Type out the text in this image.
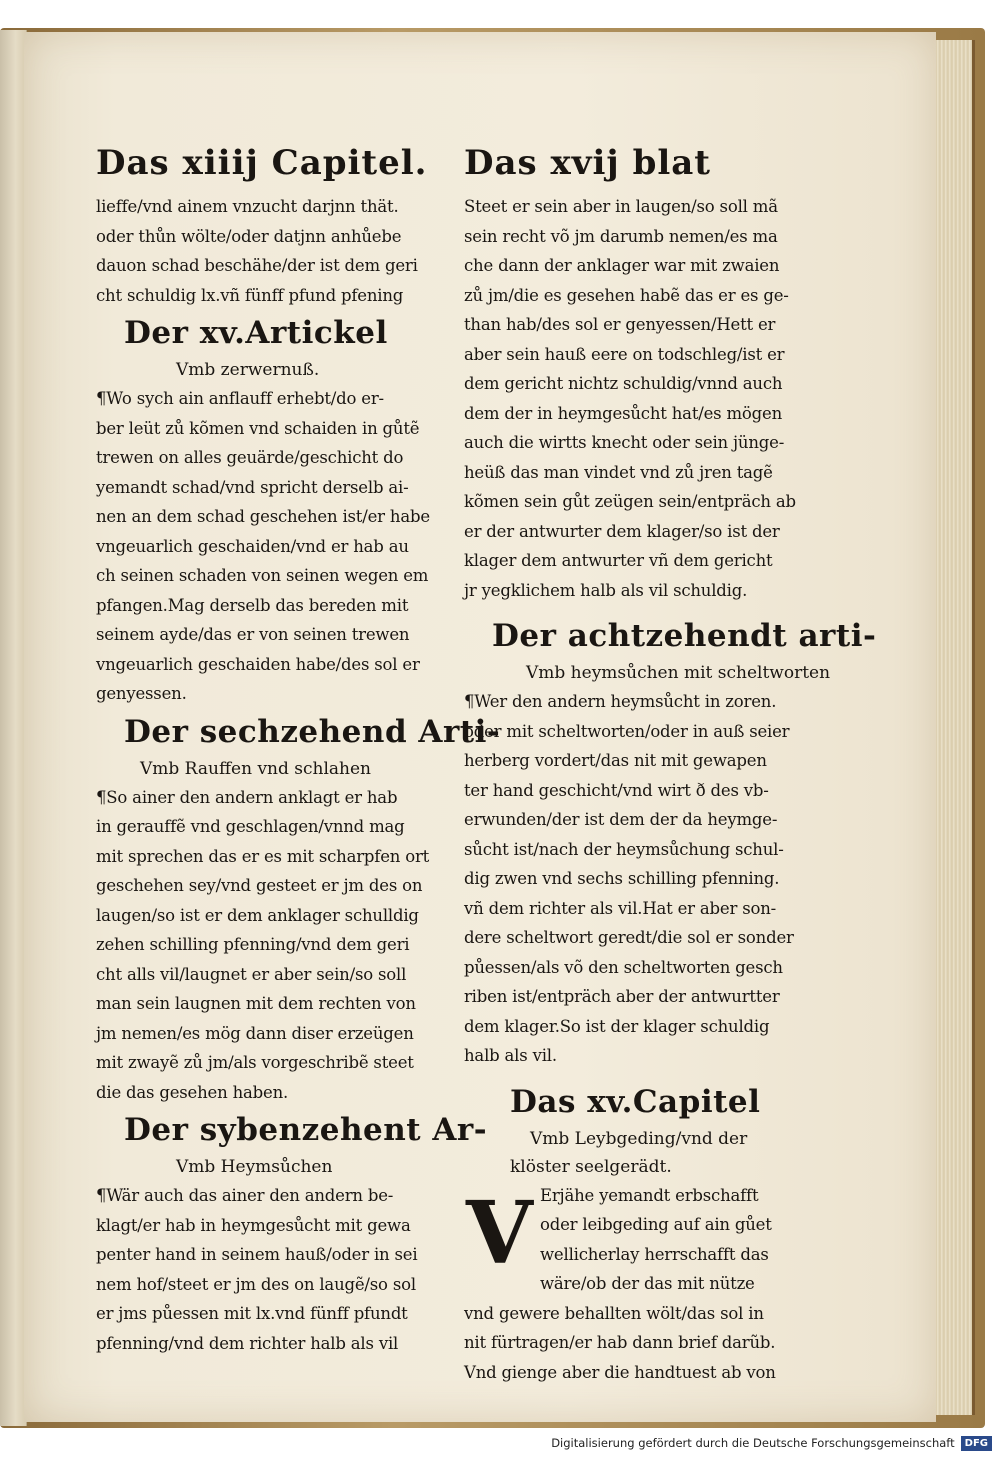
Das xiiij Capitel.
lieffe/vnd ainem vnzucht darjnn thät.
oder thůn wölte/oder datjnn anhůebe
dauon schad beschähe/der ist dem geri
cht schuldig lx.vñ fünff pfund pfening
Der xv.Artickel
Vmb zerwernuß.
¶Wo sych ain anflauff erhebt/do er-
ber leüt zů kõmen vnd schaiden in gůtẽ
trewen on alles geuärde/geschicht do
yemandt schad/vnd spricht derselb ai-
nen an dem schad geschehen ist/er habe
vngeuarlich geschaiden/vnd er hab au
ch seinen schaden von seinen wegen em
pfangen.Mag derselb das bereden mit
seinem ayde/das er von seinen trewen
vngeuarlich geschaiden habe/des sol er
genyessen.
Der sechzehend Arti-
Vmb Rauffen vnd schlahen
¶So ainer den andern anklagt er hab
in gerauffẽ vnd geschlagen/vnnd mag
mit sprechen das er es mit scharpfen ort
geschehen sey/vnd gesteet er jm des on
laugen/so ist er dem anklager schulldig
zehen schilling pfenning/vnd dem geri
cht alls vil/laugnet er aber sein/so soll
man sein laugnen mit dem rechten von
jm nemen/es mög dann diser erzeügen
mit zwayẽ zů jm/als vorgeschribẽ steet
die das gesehen haben.
Der sybenzehent Ar-
Vmb Heymsůchen
¶Wär auch das ainer den andern be-
klagt/er hab in heymgesůcht mit gewa
penter hand in seinem hauß/oder in sei
nem hof/steet er jm des on laugẽ/so sol
er jms půessen mit lx.vnd fünff pfundt
pfenning/vnd dem richter halb als vil
Das xvij blat
Steet er sein aber in laugen/so soll mã
sein recht võ jm darumb nemen/es ma
che dann der anklager war mit zwaien
zů jm/die es gesehen habẽ das er es ge-
than hab/des sol er genyessen/Hett er
aber sein hauß eere on todschleg/ist er
dem gericht nichtz schuldig/vnnd auch
dem der in heymgesůcht hat/es mögen
auch die wirtts knecht oder sein jünge-
heüß das man vindet vnd zů jren tagẽ
kõmen sein gůt zeügen sein/entpräch ab
er der antwurter dem klager/so ist der
klager dem antwurter vñ dem gericht
jr yegklichem halb als vil schuldig.
Der achtzehendt arti-
Vmb heymsůchen mit scheltworten
¶Wer den andern heymsůcht in zoren.
oder mit scheltworten/oder in auß seier
herberg vordert/das nit mit gewapen
ter hand geschicht/vnd wirt ð des vb-
erwunden/der ist dem der da heymge-
sůcht ist/nach der heymsůchung schul-
dig zwen vnd sechs schilling pfenning.
vñ dem richter als vil.Hat er aber son-
dere scheltwort geredt/die sol er sonder
půessen/als võ den scheltworten gesch
riben ist/entpräch aber der antwurtter
dem klager.So ist der klager schuldig
halb als vil.
Das xv.Capitel
Vmb Leybgeding/vnd der
klöster seelgerädt.
V Erjähe yemandt erbschafft
oder leibgeding auf ain gůet
wellicherlay herrschafft das
wäre/ob der das mit nütze
vnd gewere behallten wölt/das sol in
nit fürtragen/er hab dann brief darũb.
Vnd gienge aber die handtuest ab von
Digitalisierung gefördert durch die Deutsche Forschungsgemeinschaft	DFG
